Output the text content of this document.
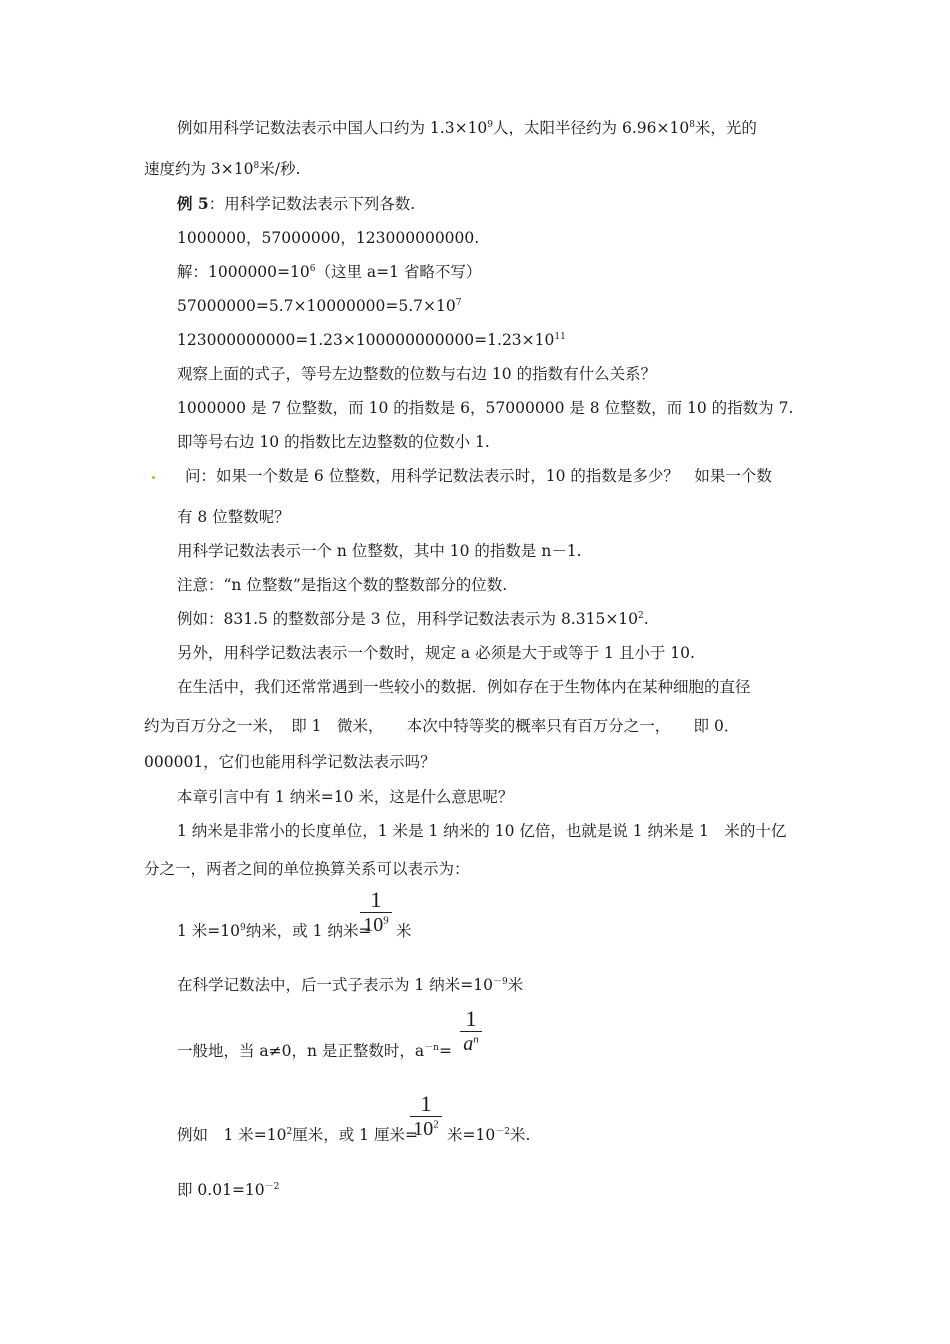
例如用科学记数法表示中国人口约为 $1.3\times 10^9$人，太阳半径约为 $6.96\times 10^8$米，光的
速度约为 $3\times 10^8$米/秒.
例 5：用科学记数法表示下列各数.
1000000，57000000，123000000000.
解：$1000000=10^6$（这里 a=1 省略不写）
$57000000=5.7\times 10000000=5.7\times 10^7$
$123000000000=1.23\times 100000000000=1.23\times 10^{11}$
观察上面的式子，等号左边整数的位数与右边 10 的指数有什么关系？
1000000 是 7 位整数，而 10 的指数是 6，57000000 是 8 位整数，而 10 的指数为 7.
即等号右边 10 的指数比左边整数的位数小 1.
问：如果一个数是 6 位整数，用科学记数法表示时，10 的指数是多少？　如果一个数
有 8 位整数呢？
用科学记数法表示一个 n 位整数，其中 10 的指数是 n－1.
注意：“n 位整数”是指这个数的整数部分的位数.
例如：831.5 的整数部分是 3 位，用科学记数法表示为 $8.315\times 10^2$.
另外，用科学记数法表示一个数时，规定 a 必须是大于或等于 1 且小于 10.
在生活中，我们还常常遇到一些较小的数据．例如存在于生物体内在某种细胞的直径
约为百万分之一米，　即 1　微米，　　本次中特等奖的概率只有百万分之一，　　即 0．
000001，它们也能用科学记数法表示吗？
本章引言中有 1 纳米=10 米，这是什么意思呢？
1 纳米是非常小的长度单位，1 米是 1 纳米的 10 亿倍，也就是说 1 纳米是 1　米的十亿
分之一，两者之间的单位换算关系可以表示为：
1 米$=10^9$纳米，或 1 纳米=
1
$10^9$
米
在科学记数法中，后一式子表示为 1 纳米$=10^{-9}$米
一般地，当 a≠0，n 是正整数时，$a^{-n}=$
1
$a^n$
例如　1 米$=10^2$厘米，或 1 厘米=
1
$10^2$
米$=10^{-2}$米.
即 $0.01=10^{-2}$
